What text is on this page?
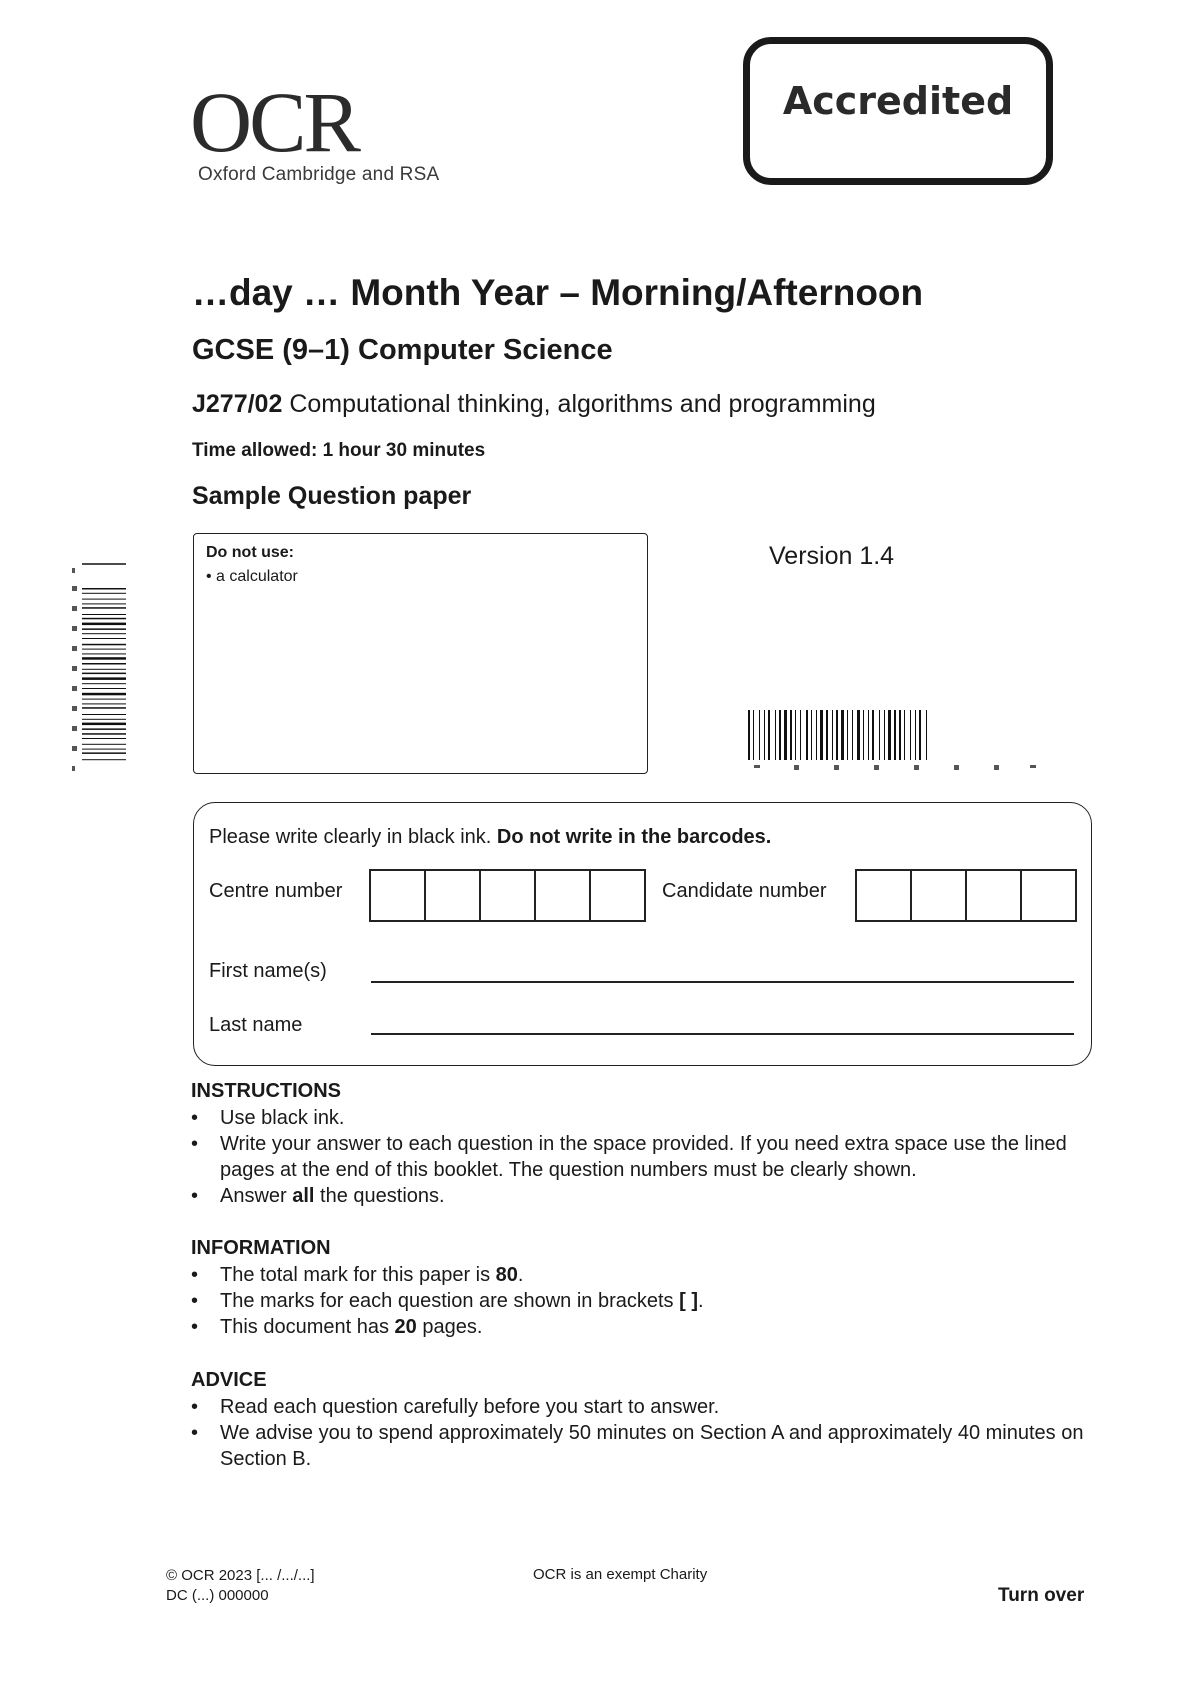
OCR
Oxford Cambridge and RSA
Accredited
…day … Month Year – Morning/Afternoon
GCSE (9–1) Computer Science
J277/02 Computational thinking, algorithms and programming
Time allowed: 1 hour 30 minutes
Sample Question paper
Do not use:
• a calculator
Version 1.4
Please write clearly in black ink. Do not write in the barcodes.
Centre number	Candidate number
First name(s)
Last name
INSTRUCTIONS
• Use black ink.
• Write your answer to each question in the space provided. If you need extra space use the lined pages at the end of this booklet. The question numbers must be clearly shown.
• Answer all the questions.
INFORMATION
• The total mark for this paper is 80.
• The marks for each question are shown in brackets [ ].
• This document has 20 pages.
ADVICE
• Read each question carefully before you start to answer.
• We advise you to spend approximately 50 minutes on Section A and approximately 40 minutes on Section B.
© OCR 2023 [... /.../...]
DC (...) 000000
OCR is an exempt Charity
Turn over
